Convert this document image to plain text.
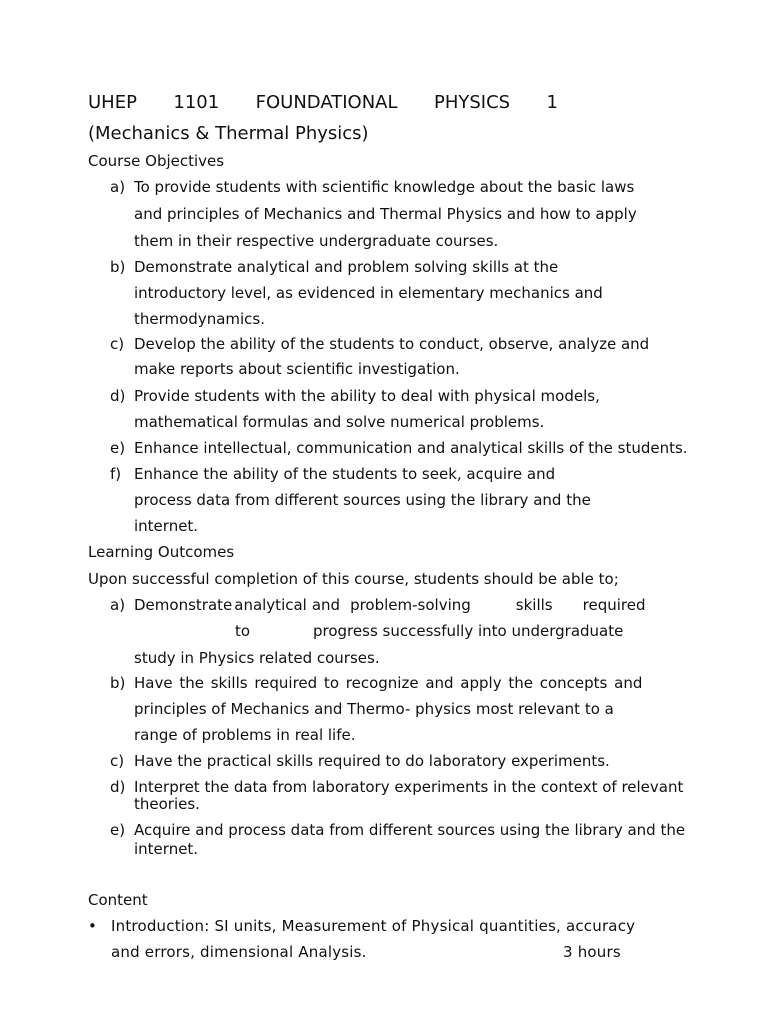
UHEP 1101 FOUNDATIONAL PHYSICS 1
(Mechanics & Thermal Physics)
Course Objectives
a) To provide students with scientific knowledge about the basic laws
and principles of Mechanics and Thermal Physics and how to apply
them in their respective undergraduate courses.
b) Demonstrate analytical and problem solving skills at the
introductory level, as evidenced in elementary mechanics and
thermodynamics.
c) Develop the ability of the students to conduct, observe, analyze and
make reports about scientific investigation.
d) Provide students with the ability to deal with physical models,
mathematical formulas and solve numerical problems.
e) Enhance intellectual, communication and analytical skills of the students.
f) Enhance the ability of the students to seek, acquire and
process data from different sources using the library and the
internet.
Learning Outcomes
Upon successful completion of this course, students should be able to;
a) Demonstrate analytical and problem-solving	skills required
to	progress successfully into undergraduate
study in Physics related courses.
b) Have the skills required to recognize and apply the concepts and
principles of Mechanics and Thermo- physics most relevant to a
range of problems in real life.
c) Have the practical skills required to do laboratory experiments.
d) Interpret the data from laboratory experiments in the context of relevant
theories.
e) Acquire and process data from different sources using the library and the
internet.
Content
• Introduction: SI units, Measurement of Physical quantities, accuracy
and errors, dimensional Analysis.	3 hours
